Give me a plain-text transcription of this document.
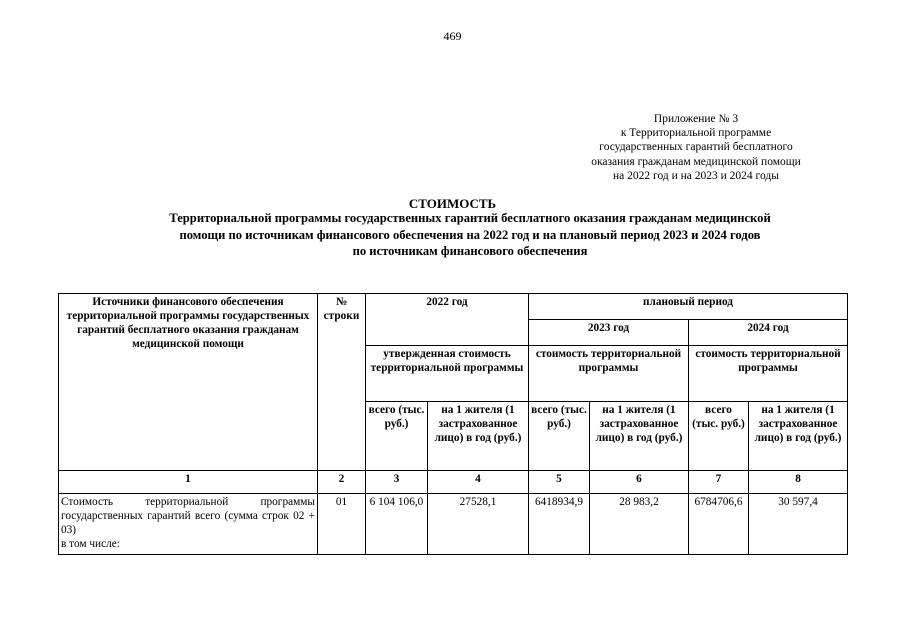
469
Приложение № 3
к Территориальной программе
государственных гарантий бесплатного
оказания гражданам медицинской помощи
на 2022 год и на 2023 и 2024 годы
СТОИМОСТЬ
Территориальной программы государственных гарантий бесплатного оказания гражданам медицинской
помощи по источникам финансового обеспечения на 2022 год и на плановый период 2023 и 2024 годов
по источникам финансового обеспечения
Источники финансового обеспечения территориальной программы государственных гарантий бесплатного оказания гражданам медицинской помощи	№ строки	2022 год		плановый период			
				2023 год		2024 год	
		утвержденная стоимость территориальной программы		стоимость территориальной программы		стоимость территориальной программы	
		всего (тыс. руб.)	на 1 жителя (1 застрахованное лицо) в год (руб.)	всего (тыс. руб.)	на 1 жителя (1 застрахованное лицо) в год (руб.)	всего (тыс. руб.)	на 1 жителя (1 застрахованное лицо) в год (руб.)
1	2	3	4	5	6	7	8

Стоимость территориальной программы государственных гарантий всего (сумма строк 02 + 03)
в том числе:	01	6 104 106,0	27528,1	6418934,9	28 983,2	6784706,6	30 597,4
